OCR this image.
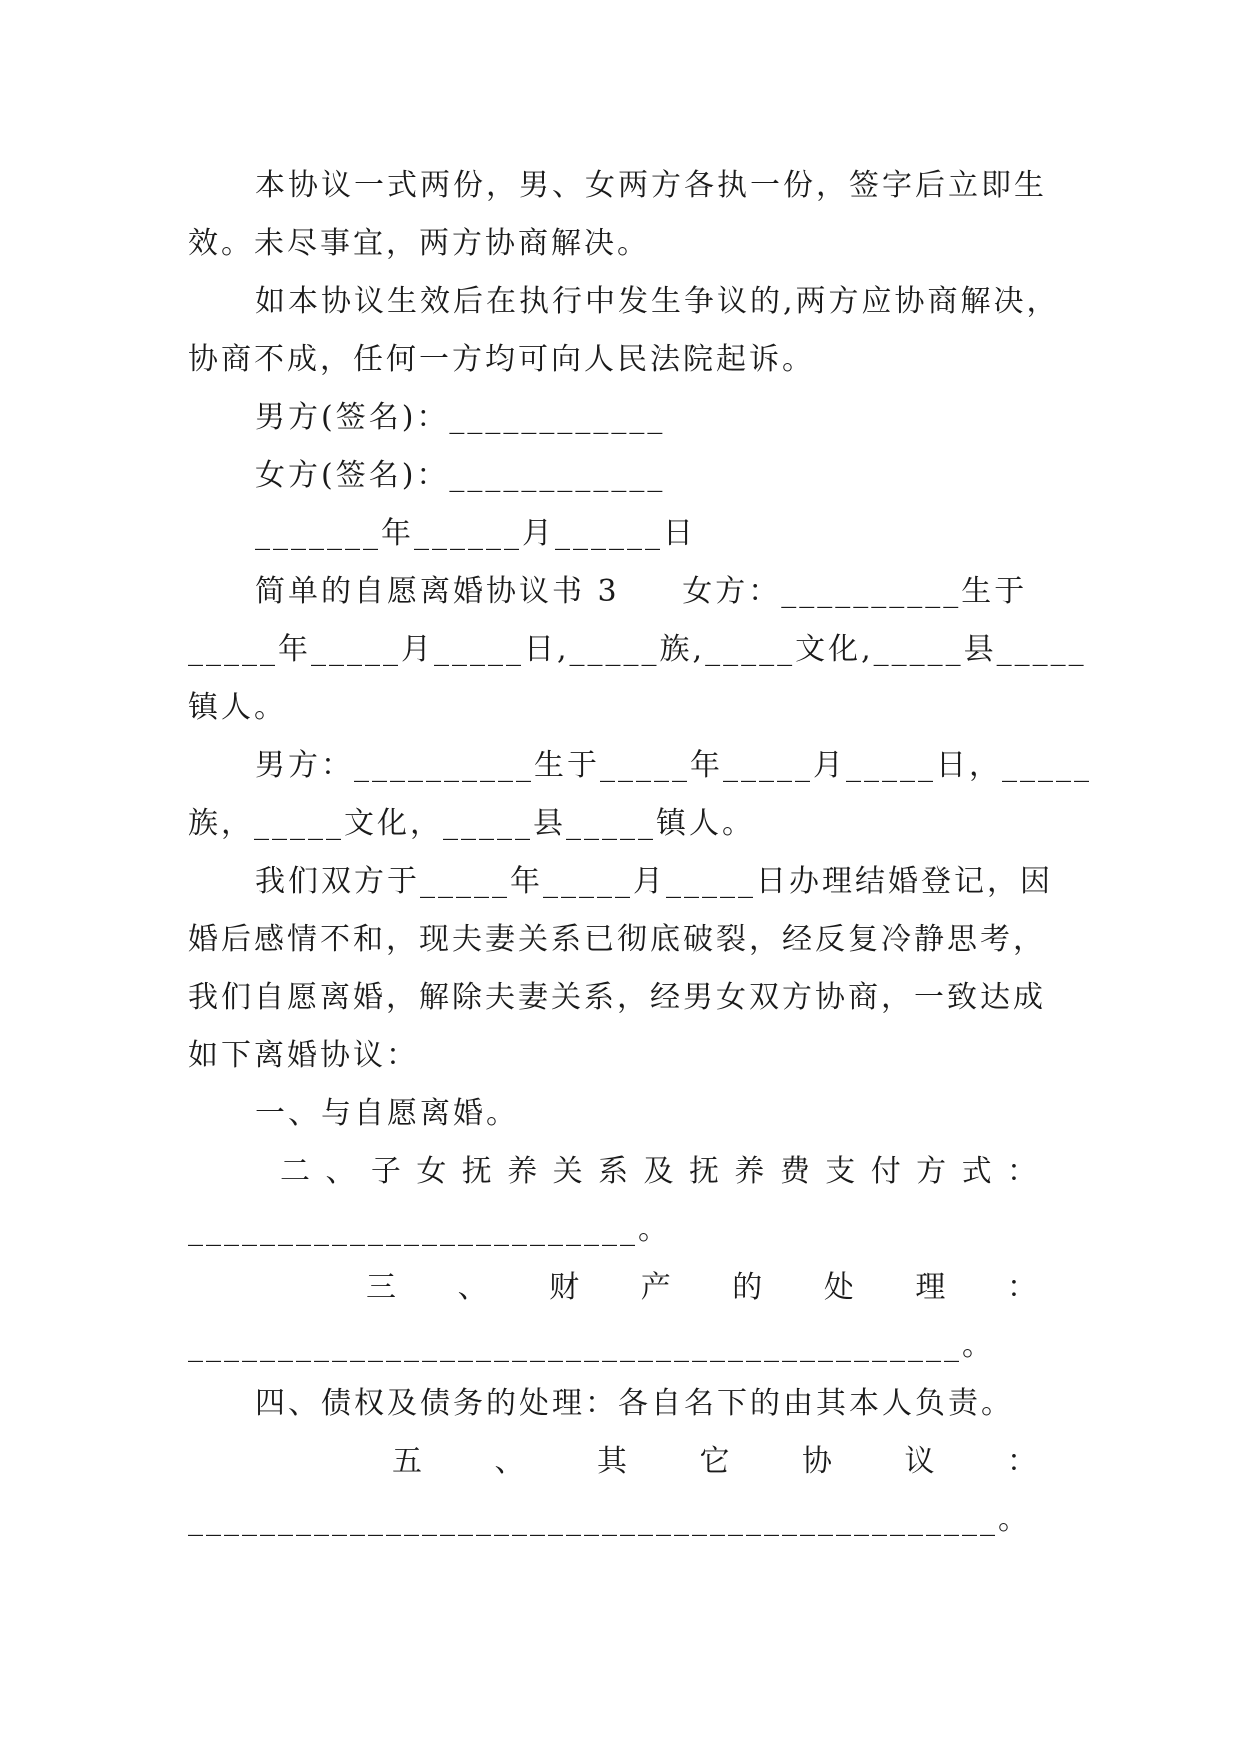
本协议一式两份，男、女两方各执一份，签字后立即生
效。未尽事宜，两方协商解决。
如本协议生效后在执行中发生争议的,两方应协商解决，
协商不成，任何一方均可向人民法院起诉。
男方(签名)：____________
女方(签名)：____________
_______年______月______日
简单的自愿离婚协议书 3     女方：__________生于
_____年_____月_____日,_____族,_____文化,_____县_____
镇人。
男方：__________生于_____年_____月_____日，_____
族，_____文化，_____县_____镇人。
我们双方于_____年_____月_____日办理结婚登记，因
婚后感情不和，现夫妻关系已彻底破裂，经反复冷静思考，
我们自愿离婚，解除夫妻关系，经男女双方协商，一致达成
如下离婚协议：
一、与自愿离婚。
二 、 子 女 抚 养 关 系 及 抚 养 费 支 付 方 式 ：
_________________________。
三 、 财 产 的 处 理 ：
___________________________________________。
四、债权及债务的处理：各自名下的由其本人负责。
五 、 其 它 协 议 ：
_____________________________________________。
